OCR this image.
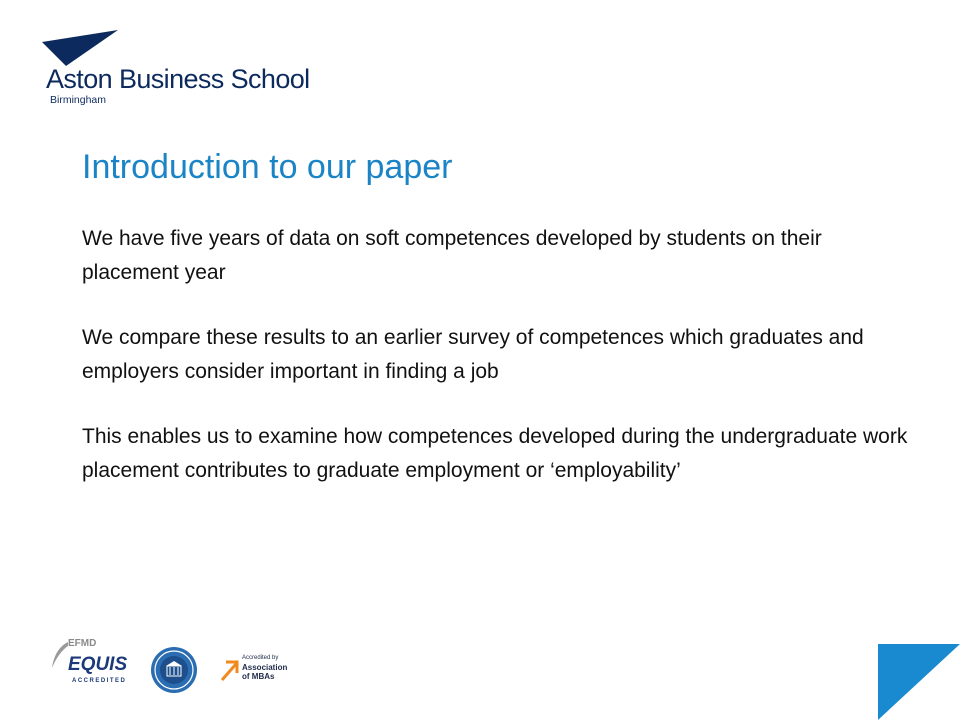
Aston Business School
Birmingham
Introduction to our paper

We have five years of data on soft competences developed by students on their placement year

We compare these results to an earlier survey of competences which graduates and employers consider important in finding a job

This enables us to examine how competences developed during the undergraduate work placement contributes to graduate employment or ‘employability’

EFMD
EQUIS
ACCREDITED
Accredited by
Association
of MBAs
